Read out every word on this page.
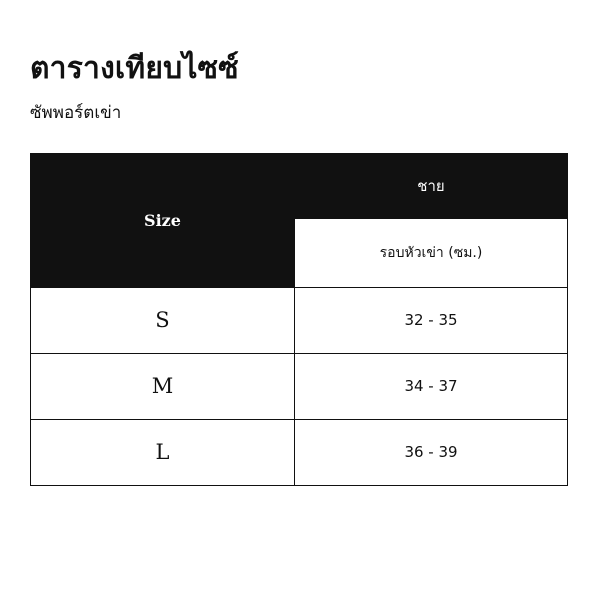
ตารางเทียบไซซ์
ซัพพอร์ตเข่า
Size	ชาย
	รอบหัวเข่า (ซม.)
S	32 - 35
M	34 - 37
L	36 - 39
